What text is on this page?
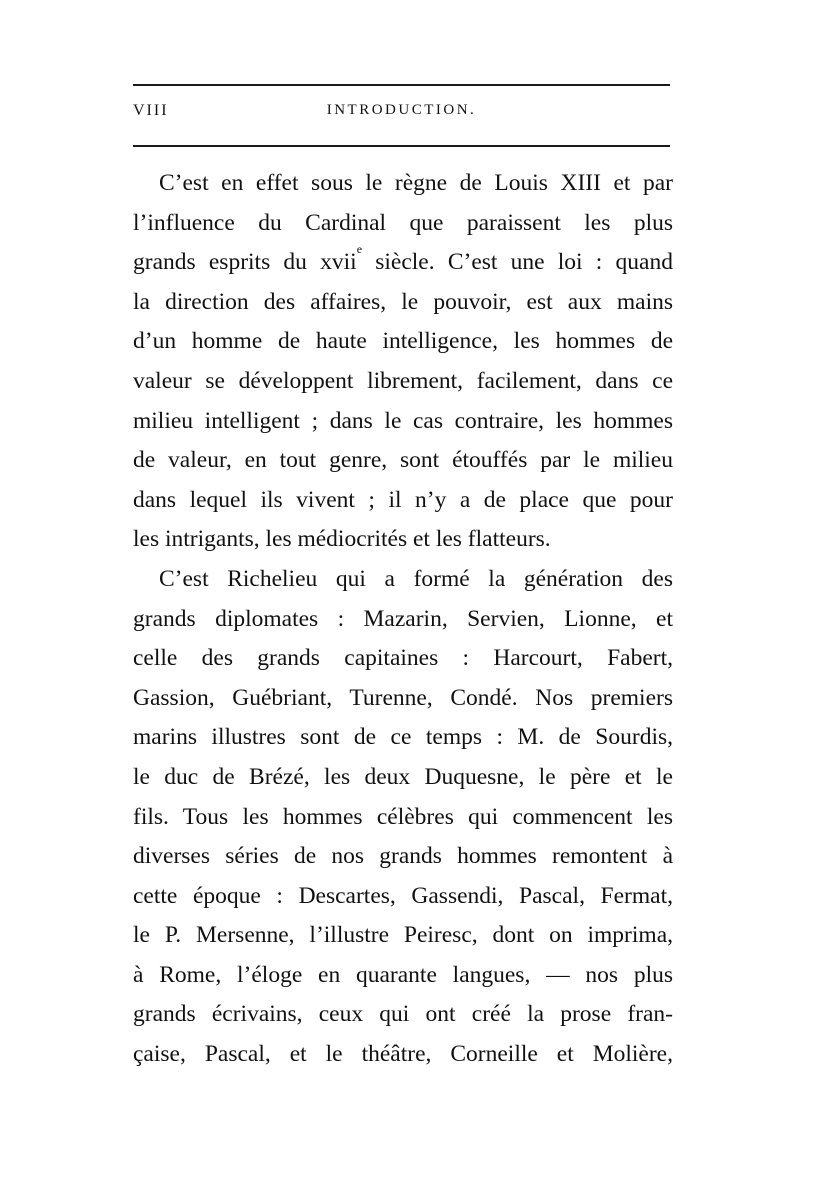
VIII	INTRODUCTION.
C’est en effet sous le règne de Louis XIII et par
l’influence du Cardinal que paraissent les plus
grands esprits du xvii$^e$ siècle. C’est une loi : quand
la direction des affaires, le pouvoir, est aux mains
d’un homme de haute intelligence, les hommes de
valeur se développent librement, facilement, dans ce
milieu intelligent ; dans le cas contraire, les hommes
de valeur, en tout genre, sont étouffés par le milieu
dans lequel ils vivent ; il n’y a de place que pour
les intrigants, les médiocrités et les flatteurs.
C’est Richelieu qui a formé la génération des
grands diplomates : Mazarin, Servien, Lionne, et
celle des grands capitaines : Harcourt, Fabert,
Gassion, Guébriant, Turenne, Condé. Nos premiers
marins illustres sont de ce temps : M. de Sourdis,
le duc de Brézé, les deux Duquesne, le père et le
fils. Tous les hommes célèbres qui commencent les
diverses séries de nos grands hommes remontent à
cette époque : Descartes, Gassendi, Pascal, Fermat,
le P. Mersenne, l’illustre Peiresc, dont on imprima,
à Rome, l’éloge en quarante langues, — nos plus
grands écrivains, ceux qui ont créé la prose fran-
çaise, Pascal, et le théâtre, Corneille et Molière,
